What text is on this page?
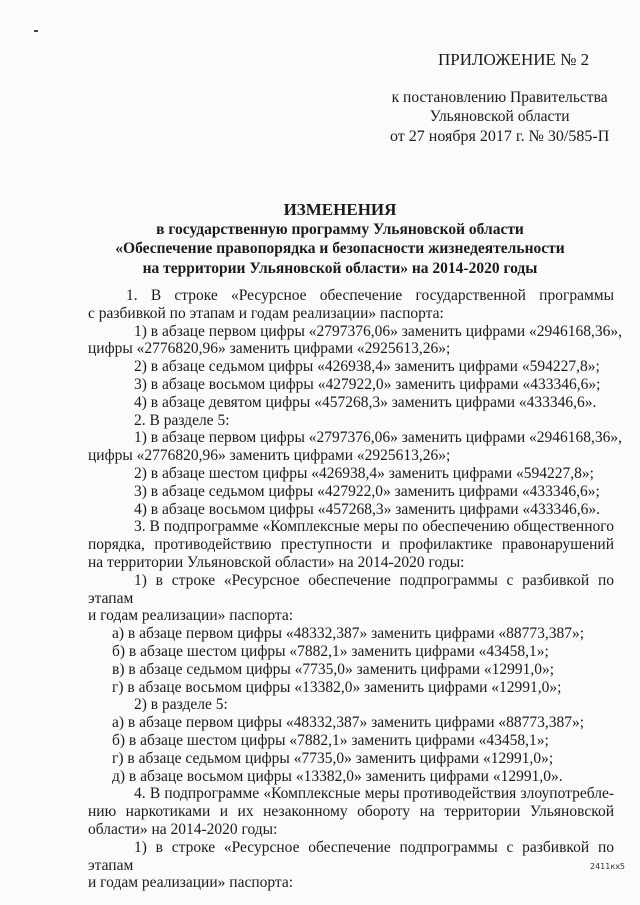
ПРИЛОЖЕНИЕ № 2
к постановлению Правительства
Ульяновской области
от 27 ноября 2017 г. № 30/585-П
ИЗМЕНЕНИЯ
в государственную программу Ульяновской области
«Обеспечение правопорядка и безопасности жизнедеятельности
на территории Ульяновской области» на 2014-2020 годы

1. В строке «Ресурсное обеспечение государственной программы

с разбивкой по этапам и годам реализации» паспорта:

1) в абзаце первом цифры «2797376,06» заменить цифрами «2946168,36»,

цифры «2776820,96» заменить цифрами «2925613,26»;

2) в абзаце седьмом цифры «426938,4» заменить цифрами «594227,8»;

3) в абзаце восьмом цифры «427922,0» заменить цифрами «433346,6»;

4) в абзаце девятом цифры «457268,3» заменить цифрами «433346,6».

2. В разделе 5:

1) в абзаце первом цифры «2797376,06» заменить цифрами «2946168,36»,

цифры «2776820,96» заменить цифрами «2925613,26»;

2) в абзаце шестом цифры «426938,4» заменить цифрами «594227,8»;

3) в абзаце седьмом цифры «427922,0» заменить цифрами «433346,6»;

4) в абзаце восьмом цифры «457268,3» заменить цифрами «433346,6».

3. В подпрограмме «Комплексные меры по обеспечению общественного

порядка, противодействию преступности и профилактике правонарушений

на территории Ульяновской области» на 2014-2020 годы:

1) в строке «Ресурсное обеспечение подпрограммы с разбивкой по этапам

и годам реализации» паспорта:

а) в абзаце первом цифры «48332,387» заменить цифрами «88773,387»;

б) в абзаце шестом цифры «7882,1» заменить цифрами «43458,1»;

в) в абзаце седьмом цифры «7735,0» заменить цифрами «12991,0»;

г) в абзаце восьмом цифры «13382,0» заменить цифрами «12991,0»;

2) в разделе 5:

а) в абзаце первом цифры «48332,387» заменить цифрами «88773,387»;

б) в абзаце шестом цифры «7882,1» заменить цифрами «43458,1»;

г) в абзаце седьмом цифры «7735,0» заменить цифрами «12991,0»;

д) в абзаце восьмом цифры «13382,0» заменить цифрами «12991,0».

4. В подпрограмме «Комплексные меры противодействия злоупотребле-

нию наркотиками и их незаконному обороту на территории Ульяновской

области» на 2014-2020 годы:

1) в строке «Ресурсное обеспечение подпрограммы с разбивкой по этапам

и годам реализации» паспорта:

2411кх5
